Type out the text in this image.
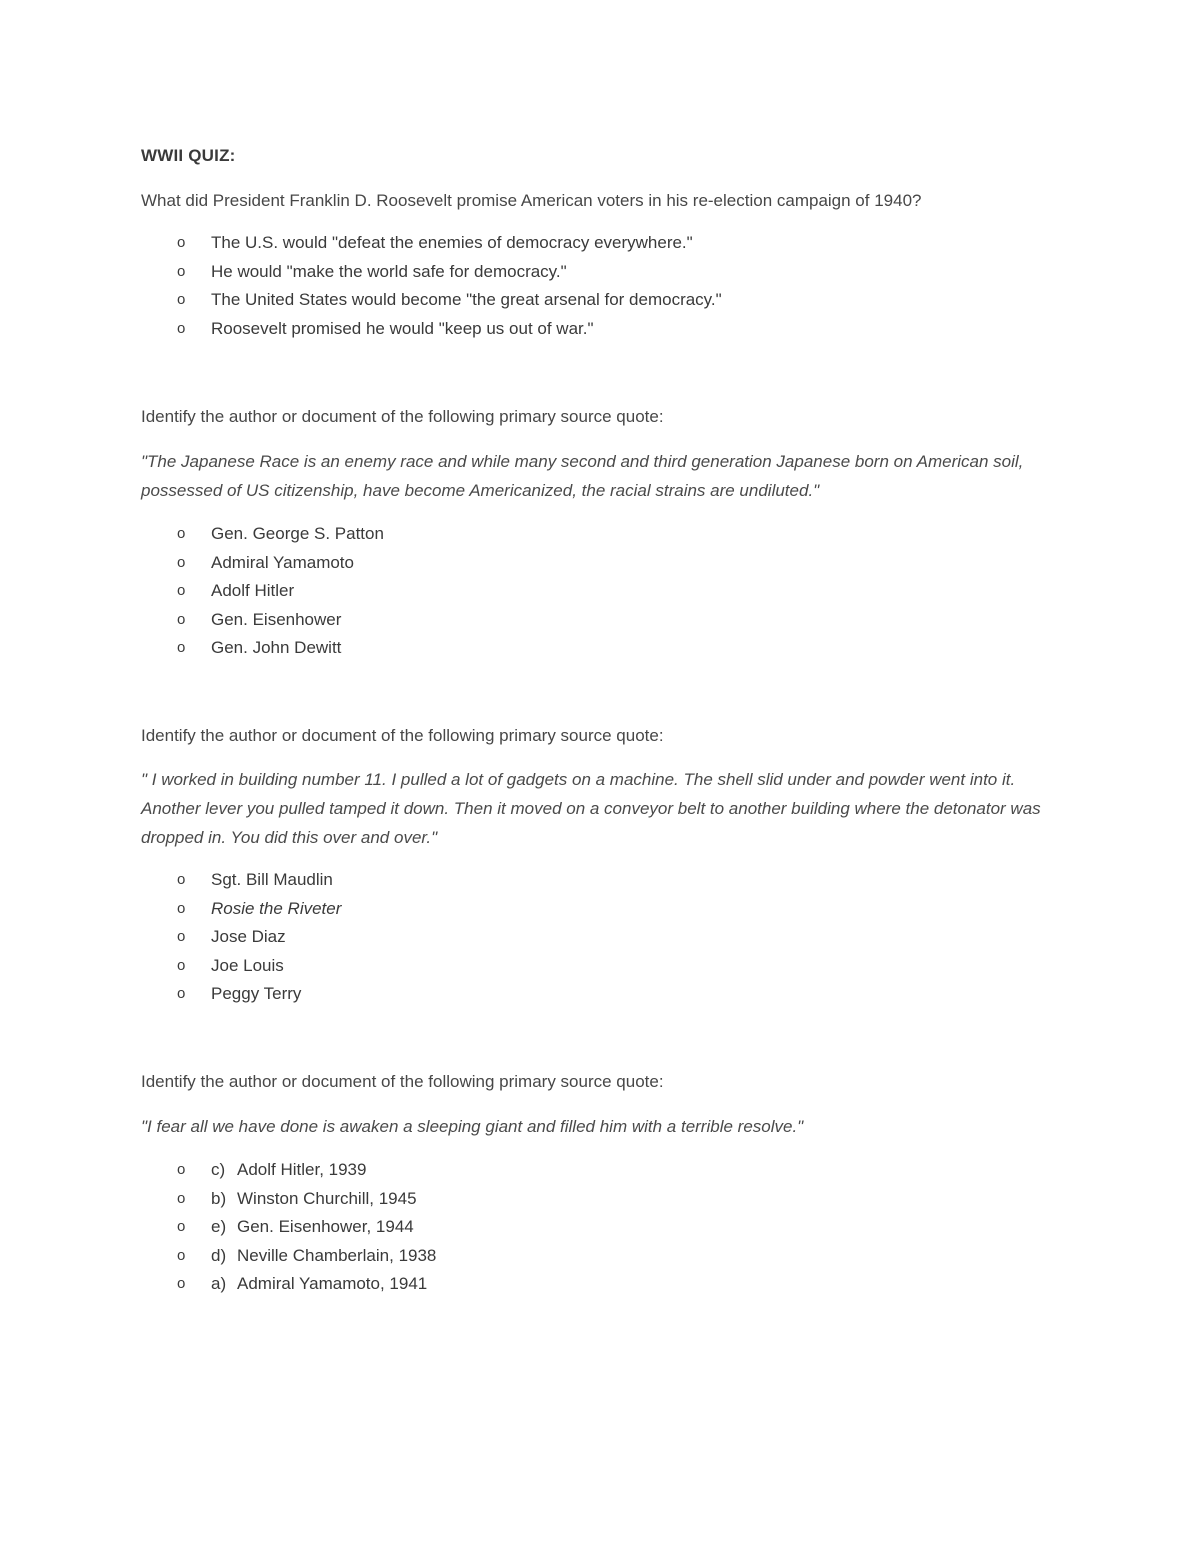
WWII QUIZ:
What did President Franklin D. Roosevelt promise American voters in his re-election campaign of 1940?
o The U.S. would "defeat the enemies of democracy everywhere."
o He would "make the world safe for democracy."
o The United States would become "the great arsenal for democracy."
o Roosevelt promised he would "keep us out of war."
Identify the author or document of the following primary source quote:
"The Japanese Race is an enemy race and while many second and third generation Japanese born on American soil, possessed of US citizenship, have become Americanized, the racial strains are undiluted."
o Gen. George S. Patton
o Admiral Yamamoto
o Adolf Hitler
o Gen. Eisenhower
o Gen. John Dewitt
Identify the author or document of the following primary source quote:
" I worked in building number 11. I pulled a lot of gadgets on a machine. The shell slid under and powder went into it. Another lever you pulled tamped it down. Then it moved on a conveyor belt to another building where the detonator was dropped in. You did this over and over."
o Sgt. Bill Maudlin
o Rosie the Riveter
o Jose Diaz
o Joe Louis
o Peggy Terry
Identify the author or document of the following primary source quote:
"I fear all we have done is awaken a sleeping giant and filled him with a terrible resolve."
o c) Adolf Hitler, 1939
o b) Winston Churchill, 1945
o e) Gen. Eisenhower, 1944
o d) Neville Chamberlain, 1938
o a) Admiral Yamamoto, 1941
